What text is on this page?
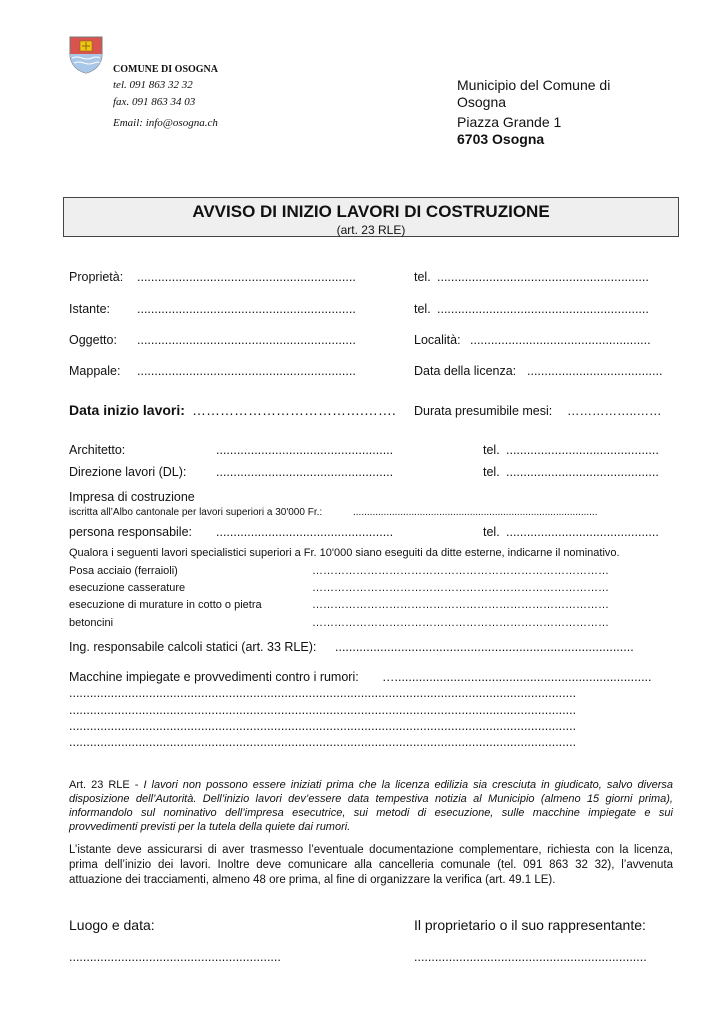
COMUNE DI OSOGNA
tel. 091 863 32 32
fax. 091 863 34 03
Email: info@osogna.ch
Municipio del Comune di
Osogna
Piazza Grande 1
6703 Osogna
AVVISO DI INIZIO LAVORI DI COSTRUZIONE
(art. 23 RLE)
Proprietà: ...............................................................	tel. .............................................................
Istante: ...............................................................	tel. .............................................................
Oggetto: ...............................................................	Località: ....................................................
Mappale: ...............................................................	Data della licenza: .......................................
Data inizio lavori: ……………………………….……. Durata presumibile mesi: ……………..……
Architetto:	...................................................	tel. ............................................
Direzione lavori (DL): ...................................................	tel. ............................................
Impresa di costruzione
iscritta all’Albo cantonale per lavori superiori a 30'000 Fr.:	........................................................................................
persona responsabile: ...................................................	tel. ............................................
Qualora i seguenti lavori specialistici superiori a Fr. 10'000 siano eseguiti da ditte esterne, indicarne il nominativo.
Posa acciaio (ferraioli)	………………………………………………………………………
esecuzione casserature	………………………………………………………………………
esecuzione di murature in cotto o pietra	………………………………………………………………………
betoncini	………………………………………………………………………
Ing. responsabile calcoli statici (art. 33 RLE): ......................................................................................
Macchine impiegate e provvedimenti contro i rumori: …..........................................................................
..................................................................................................................................................
..................................................................................................................................................
..................................................................................................................................................
..................................................................................................................................................
Art. 23 RLE - I lavori non possono essere iniziati prima che la licenza edilizia sia cresciuta in giudicato, salvo diversa disposizione dell’Autorità. Dell’inizio lavori dev’essere data tempestiva notizia al Municipio (almeno 15 giorni prima), informandolo sul nominativo dell’impresa esecutrice, sui metodi di esecuzione, sulle macchine impiegate e sui provvedimenti previsti per la tutela della quiete dai rumori.
L’istante deve assicurarsi di aver trasmesso l’eventuale documentazione complementare, richiesta con la licenza, prima dell’inizio dei lavori. Inoltre deve comunicare alla cancelleria comunale (tel. 091 863 32 32), l’avvenuta attuazione dei tracciamenti, almeno 48 ore prima, al fine di organizzare la verifica (art. 49.1 LE).
Luogo e data:	Il proprietario o il suo rappresentante:
.............................................................	...................................................................
